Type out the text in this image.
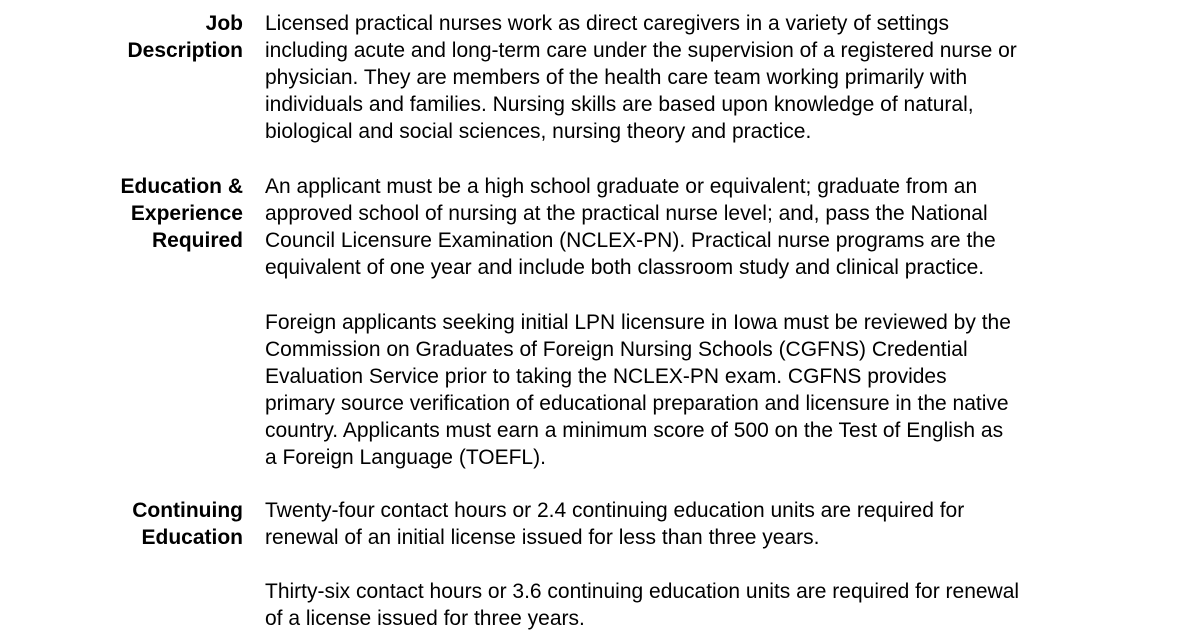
Job
Description

Licensed practical nurses work as direct caregivers in a variety of settings
including acute and long-term care under the supervision of a registered nurse or
physician. They are members of the health care team working primarily with
individuals and families. Nursing skills are based upon knowledge of natural,
biological and social sciences, nursing theory and practice.

Education &
Experience
Required

An applicant must be a high school graduate or equivalent; graduate from an
approved school of nursing at the practical nurse level; and, pass the National
Council Licensure Examination (NCLEX-PN). Practical nurse programs are the
equivalent of one year and include both classroom study and clinical practice.

Foreign applicants seeking initial LPN licensure in Iowa must be reviewed by the
Commission on Graduates of Foreign Nursing Schools (CGFNS) Credential
Evaluation Service prior to taking the NCLEX-PN exam. CGFNS provides
primary source verification of educational preparation and licensure in the native
country. Applicants must earn a minimum score of 500 on the Test of English as
a Foreign Language (TOEFL).

Continuing
Education

Twenty-four contact hours or 2.4 continuing education units are required for
renewal of an initial license issued for less than three years.

Thirty-six contact hours or 3.6 continuing education units are required for renewal
of a license issued for three years.
